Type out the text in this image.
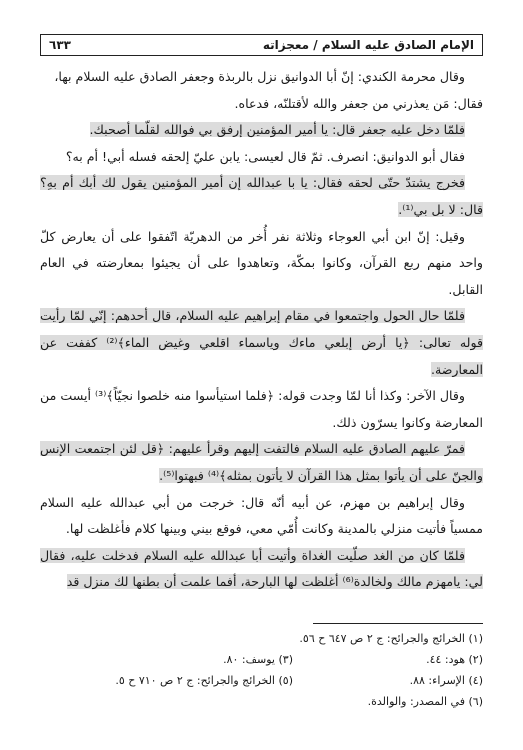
الإمام الصادق عليه السلام / معجزاته
٦٣٣

وقال محرمة الكندي: إنّ أبا الدوانيق نزل بالربذة وجعفر الصادق عليه السلام بها،

فقال: مَن يعذرني من جعفر والله لأقتلنّه، فدعاه.

فلمّا دخل عليه جعفر قال: يا أمير المؤمنين إرفق بي فوالله لقلّما أصحبك.

فقال أبو الدوانيق: انصرف. ثمّ قال لعيسى: يابن عليّ إلحقه فسله أبي! أم به؟

فخرج يشتدّ حتّى لحقه فقال: يا با عبدالله إن أمير المؤمنين يقول لك أبك أم بهِ؟ قال: لا بل بي⁽¹⁾.

وقيل: إنّ ابن أبي العوجاء وثلاثة نفر أُخر من الدهريّة اتّفقوا على أن يعارض كلّ واحد منهم ربع القرآن، وكانوا بمكّة، وتعاهدوا على أن يجيئوا بمعارضته في العام القابل.

فلمّا حال الحول واجتمعوا في مقام إبراهيم عليه السلام، قال أحدهم: إنّي لمّا رأيت قوله تعالى: ﴿يا أرض إبلعي ماءك وياسماء اقلعي وغيض الماء﴾⁽²⁾ كففت عن المعارضة.

وقال الآخر: وكذا أنا لمّا وجدت قوله: ﴿فلما استيأسوا منه خلصوا نجيّاً﴾⁽³⁾ أيست من المعارضة وكانوا يسرّون ذلك.

فمرّ عليهم الصادق عليه السلام فالتفت إليهم وقرأ عليهم: ﴿قل لئن اجتمعت الإنس والجنّ على أن يأتوا بمثل هذا القرآن لا يأتون بمثله﴾⁽⁴⁾ فبهتوا⁽⁵⁾.

وقال إبراهيم بن مهزم، عن أبيه أنّه قال: خرجت من أبي عبدالله عليه السلام ممسياً فأتيت منزلي بالمدينة وكانت أُمّي معي، فوقع بيني وبينها كلام فأغلظت لها.

فلمّا كان من الغد صلّيت الغداة وأتيت أبا عبدالله عليه السلام فدخلت عليه، فقال لي: يامهزم مالك ولخالدة⁽⁶⁾ أغلظت لها البارحة، أفما علمت أن بطنها لك منزل قد

(١) الخرائج والجرائح: ج ٢ ص ٦٤٧ ح ٥٦.
(٢) هود: ٤٤.
(٣) يوسف: ٨٠.
(٤) الإسراء: ٨٨.
(٥) الخرائج والجرائح: ج ٢ ص ٧١٠ ح ٥.
(٦) في المصدر: والوالدة.
